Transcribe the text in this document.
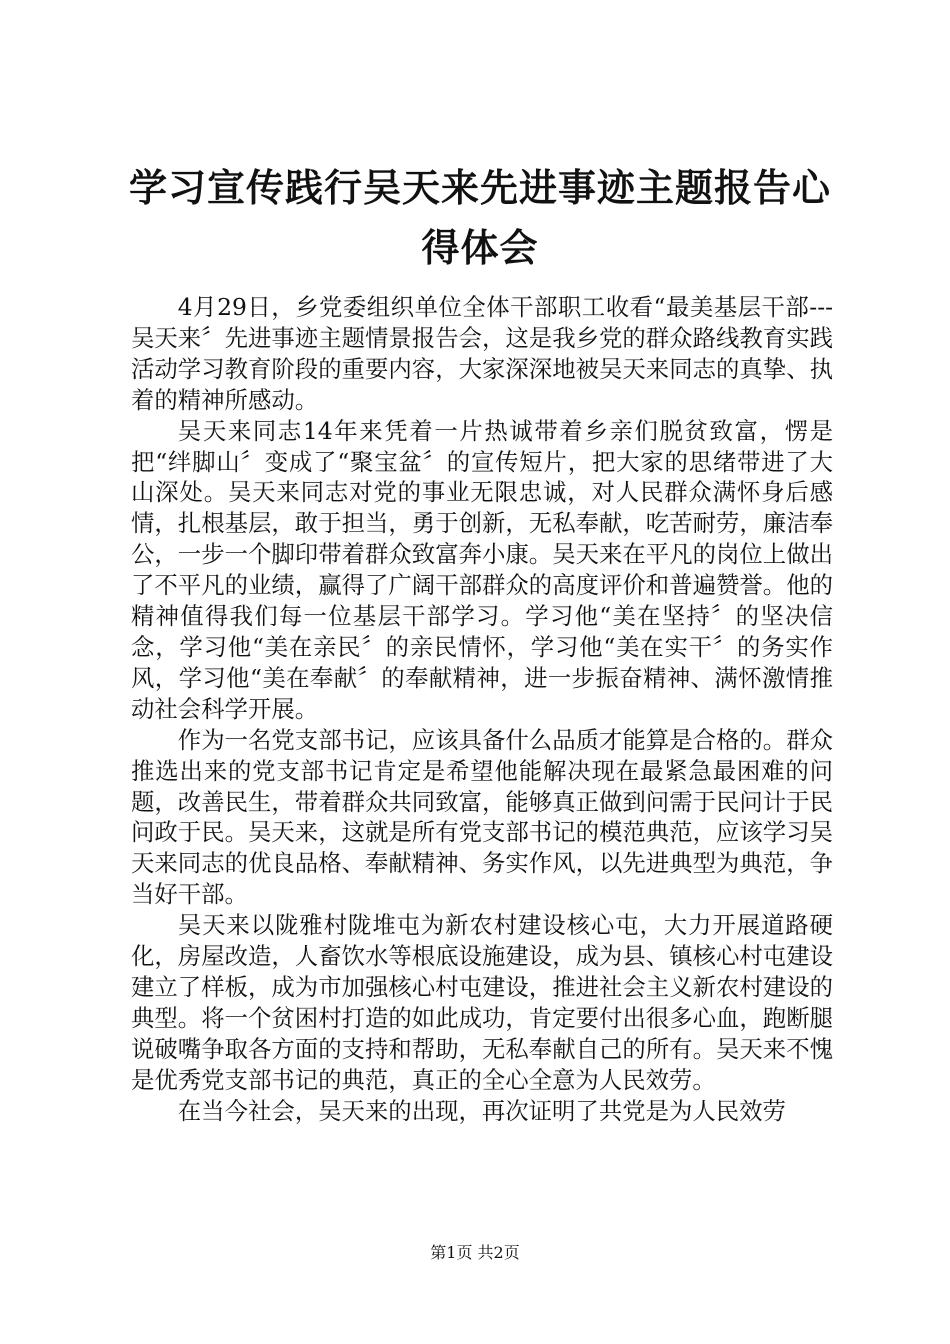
学习宣传践行吴天来先进事迹主题报告心得体会

4月29日，乡党委组织单位全体干部职工收看“最美基层干部---吴天来〞先进事迹主题情景报告会，这是我乡党的群众路线教育实践活动学习教育阶段的重要内容，大家深深地被吴天来同志的真挚、执着的精神所感动。

吴天来同志14年来凭着一片热诚带着乡亲们脱贫致富，愣是把“绊脚山〞变成了“聚宝盆〞的宣传短片，把大家的思绪带进了大山深处。吴天来同志对党的事业无限忠诚，对人民群众满怀身后感情，扎根基层，敢于担当，勇于创新，无私奉献，吃苦耐劳，廉洁奉公，一步一个脚印带着群众致富奔小康。吴天来在平凡的岗位上做出了不平凡的业绩，赢得了广阔干部群众的高度评价和普遍赞誉。他的精神值得我们每一位基层干部学习。学习他“美在坚持〞的坚决信念，学习他“美在亲民〞的亲民情怀，学习他“美在实干〞的务实作风，学习他“美在奉献〞的奉献精神，进一步振奋精神、满怀激情推动社会科学开展。

作为一名党支部书记，应该具备什么品质才能算是合格的。群众推选出来的党支部书记肯定是希望他能解决现在最紧急最困难的问题，改善民生，带着群众共同致富，能够真正做到问需于民问计于民问政于民。吴天来，这就是所有党支部书记的模范典范，应该学习吴天来同志的优良品格、奉献精神、务实作风，以先进典型为典范，争当好干部。

吴天来以陇雅村陇堆屯为新农村建设核心屯，大力开展道路硬化，房屋改造，人畜饮水等根底设施建设，成为县、镇核心村屯建设建立了样板，成为市加强核心村屯建设，推进社会主义新农村建设的典型。将一个贫困村打造的如此成功，肯定要付出很多心血，跑断腿说破嘴争取各方面的支持和帮助，无私奉献自己的所有。吴天来不愧是优秀党支部书记的典范，真正的全心全意为人民效劳。

在当今社会，吴天来的出现，再次证明了共党是为人民效劳

第1页 共2页
